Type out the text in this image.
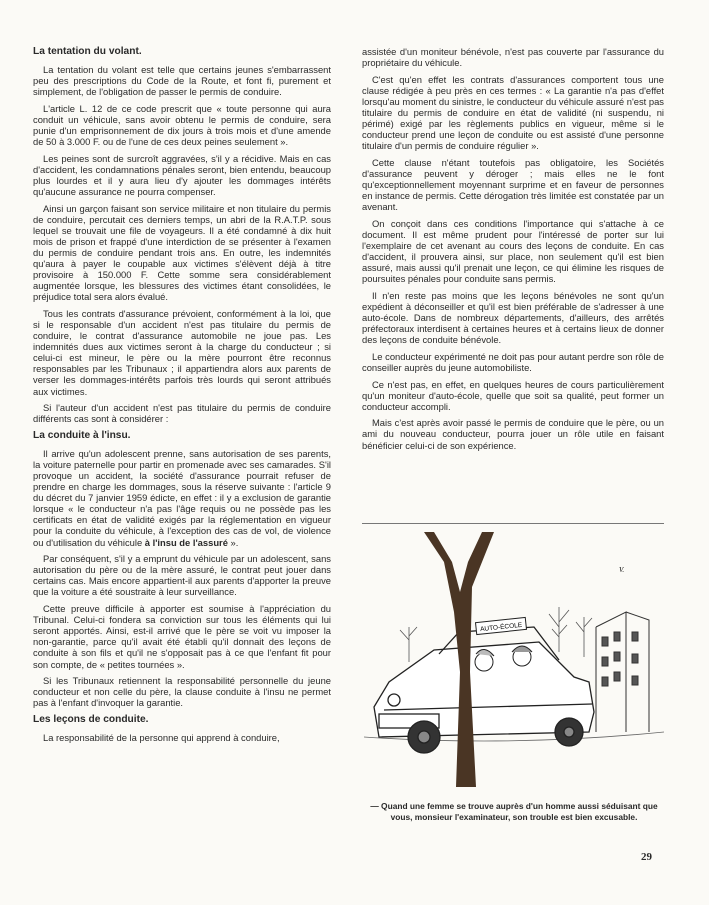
La tentation du volant.

La tentation du volant est telle que certains jeunes s'embarrassent peu des prescriptions du Code de la Route, et font fi, purement et simplement, de l'obligation de passer le permis de conduire.

L'article L. 12 de ce code prescrit que « toute personne qui aura conduit un véhicule, sans avoir obtenu le permis de conduire, sera punie d'un emprisonnement de dix jours à trois mois et d'une amende de 50 à 3.000 F. ou de l'une de ces deux peines seulement ».

Les peines sont de surcroît aggravées, s'il y a récidive. Mais en cas d'accident, les condamnations pénales seront, bien entendu, beaucoup plus lourdes et il y aura lieu d'y ajouter les dommages intérêts qu'aucune assurance ne pourra compenser.

Ainsi un garçon faisant son service militaire et non titulaire du permis de conduire, percutait ces derniers temps, un abri de la R.A.T.P. sous lequel se trouvait une file de voyageurs. Il a été condamné à dix huit mois de prison et frappé d'une interdiction de se présenter à l'examen du permis de conduire pendant trois ans. En outre, les indemnités qu'aura à payer le coupable aux victimes s'élèvent déjà à titre provisoire à 150.000 F. Cette somme sera considérablement augmentée lorsque, les blessures des victimes étant consolidées, le préjudice total sera alors évalué.

Tous les contrats d'assurance prévoient, conformément à la loi, que si le responsable d'un accident n'est pas titulaire du permis de conduire, le contrat d'assurance automobile ne joue pas. Les indemnités dues aux victimes seront à la charge du conducteur ; si celui-ci est mineur, le père ou la mère pourront être reconnus responsables par les Tribunaux ; il appartiendra alors aux parents de verser les dommages-intérêts parfois très lourds qui seront attribués aux victimes.

Si l'auteur d'un accident n'est pas titulaire du permis de conduire différents cas sont à considérer :

La conduite à l'insu.

Il arrive qu'un adolescent prenne, sans autorisation de ses parents, la voiture paternelle pour partir en promenade avec ses camarades. S'il provoque un accident, la société d'assurance pourrait refuser de prendre en charge les dommages, sous la réserve suivante : l'article 9 du décret du 7 janvier 1959 édicte, en effet : il y a exclusion de garantie lorsque « le conducteur n'a pas l'âge requis ou ne possède pas les certificats en état de validité exigés par la réglementation en vigueur pour la conduite du véhicule, à l'exception des cas de vol, de violence ou d'utilisation du véhicule à l'insu de l'assuré ».

Par conséquent, s'il y a emprunt du véhicule par un adolescent, sans autorisation du père ou de la mère assuré, le contrat peut jouer dans certains cas. Mais encore appartient-il aux parents d'apporter la preuve que la voiture a été soustraite à leur surveillance.

Cette preuve difficile à apporter est soumise à l'appréciation du Tribunal. Celui-ci fondera sa conviction sur tous les éléments qui lui seront apportés. Ainsi, est-il arrivé que le père se voit vu imposer la non-garantie, parce qu'il avait été établi qu'il donnait des leçons de conduite à son fils et qu'il ne s'opposait pas à ce que l'enfant fit pour son compte, de « petites tournées ».

Si les Tribunaux retiennent la responsabilité personnelle du jeune conducteur et non celle du père, la clause conduite à l'insu ne permet pas à l'enfant d'invoquer la garantie.

Les leçons de conduite.

La responsabilité de la personne qui apprend à conduire,

assistée d'un moniteur bénévole, n'est pas couverte par l'assurance du propriétaire du véhicule.

C'est qu'en effet les contrats d'assurances comportent tous une clause rédigée à peu près en ces termes : « La garantie n'a pas d'effet lorsqu'au moment du sinistre, le conducteur du véhicule assuré n'est pas titulaire du permis de conduire en état de validité (ni suspendu, ni périmé) exigé par les règlements publics en vigueur, même si le conducteur prend une leçon de conduite ou est assisté d'une personne titulaire d'un permis de conduire régulier ».

Cette clause n'étant toutefois pas obligatoire, les Sociétés d'assurance peuvent y déroger ; mais elles ne le font qu'exceptionnellement moyennant surprime et en faveur de personnes en instance de permis. Cette dérogation très limitée est constatée par un avenant.

On conçoit dans ces conditions l'importance qui s'attache à ce document. Il est même prudent pour l'intéressé de porter sur lui l'exemplaire de cet avenant au cours des leçons de conduite. En cas d'accident, il prouvera ainsi, sur place, non seulement qu'il est bien assuré, mais aussi qu'il prenait une leçon, ce qui élimine les risques de poursuites pénales pour conduite sans permis.

Il n'en reste pas moins que les leçons bénévoles ne sont qu'un expédient à déconseiller et qu'il est bien préférable de s'adresser à une auto-école. Dans de nombreux départements, d'ailleurs, des arrêtés préfectoraux interdisent à certaines heures et à certains lieux de donner des leçons de conduite bénévole.

Le conducteur expérimenté ne doit pas pour autant perdre son rôle de conseiller auprès du jeune automobiliste.

Ce n'est pas, en effet, en quelques heures de cours particulièrement qu'un moniteur d'auto-école, quelle que soit sa qualité, peut former un conducteur accompli.

Mais c'est après avoir passé le permis de conduire que le père, ou un ami du nouveau conducteur, pourra jouer un rôle utile en faisant bénéficier celui-ci de son expérience.

AUTO-ÉCOLE
V.
— Quand une femme se trouve auprès d'un homme aussi séduisant que vous, monsieur l'examinateur, son trouble est bien excusable.
29
